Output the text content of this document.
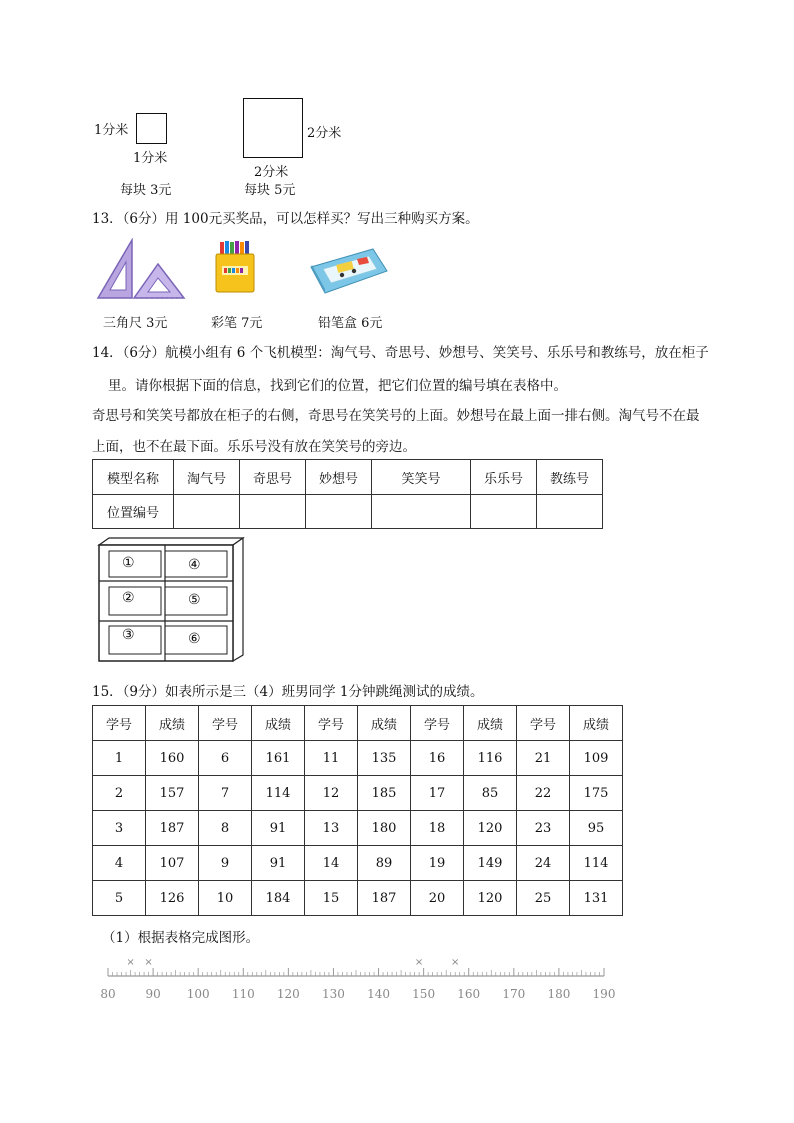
1分米
1分米
每块 3元
2分米
2分米
每块 5元
13．（6分）用 100元买奖品，可以怎样买？写出三种购买方案。
三角尺 3元	彩笔 7元	铅笔盒 6元
14．（6分）航模小组有 6 个飞机模型：淘气号、奇思号、妙想号、笑笑号、乐乐号和教练号，放在柜子
里。请你根据下面的信息，找到它们的位置，把它们位置的编号填在表格中。
奇思号和笑笑号都放在柜子的右侧，奇思号在笑笑号的上面。妙想号在最上面一排右侧。淘气号不在最
上面，也不在最下面。乐乐号没有放在笑笑号的旁边。
模型名称	淘气号	奇思号	妙想号	笑笑号	乐乐号	教练号
位置编号						
①	④
②	⑤
③	⑥
15．（9分）如表所示是三（4）班男同学 1分钟跳绳测试的成绩。
学号	成绩	学号	成绩	学号	成绩	学号	成绩	学号	成绩
1	160	6	161	11	135	16	116	21	109
2	157	7	114	12	185	17	85	22	175
3	187	8	91	13	180	18	120	23	95
4	107	9	91	14	89	19	149	24	114
5	126	10	184	15	187	20	120	25	131
（1）根据表格完成图形。
80 90 100 110 120 130 140 150 160 170 180 190
× ×	×	×
